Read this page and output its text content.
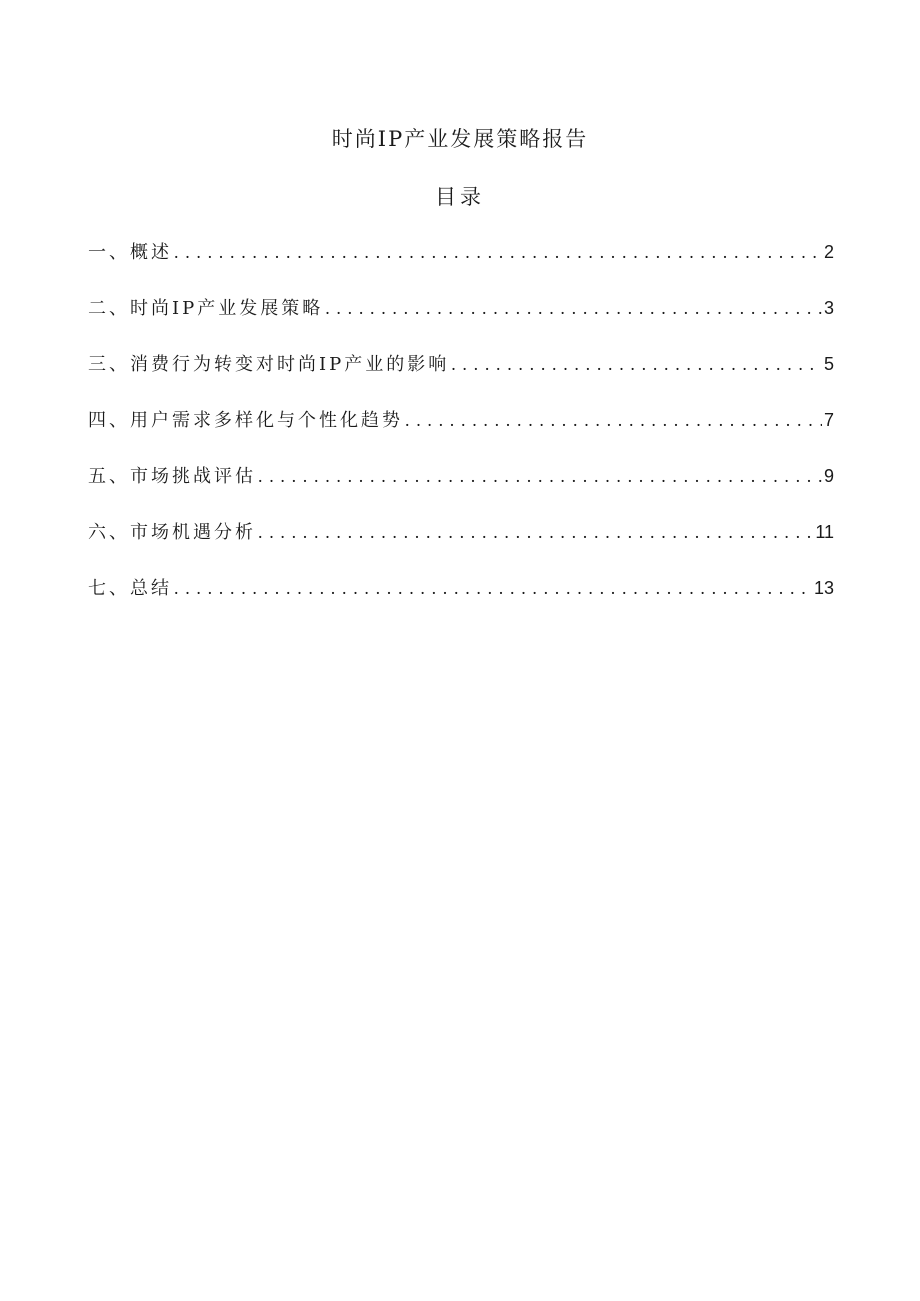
时尚IP产业发展策略报告
目录
一、概述 . . .	2
二、时尚IP产业发展策略 . . .	3
三、消费行为转变对时尚IP产业的影响 . . .	5
四、用户需求多样化与个性化趋势 . . .	7
五、市场挑战评估 . . .	9
六、市场机遇分析 . . .	11
七、总结 . . .	13
